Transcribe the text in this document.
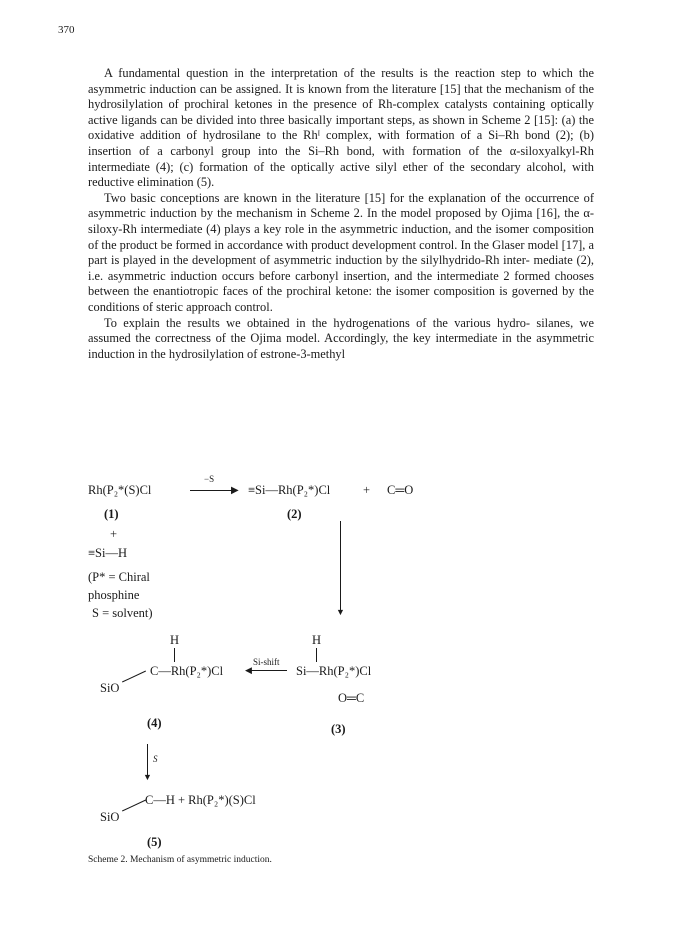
370

A fundamental question in the interpretation of the results is the reaction step to which the asymmetric induction can be assigned. It is known from the literature [15] that the mechanism of the hydrosilylation of prochiral ketones in the presence of Rh-complex catalysts containing optically active ligands can be divided into three basically important steps, as shown in Scheme 2 [15]: (a) the oxidative addition of hydrosilane to the Rhᴵ complex, with formation of a Si–Rh bond (2); (b) insertion of a carbonyl group into the Si–Rh bond, with formation of the α-siloxyalkyl-Rh intermediate (4); (c) formation of the optically active silyl ether of the secondary alcohol, with reductive elimination (5).

Two basic conceptions are known in the literature [15] for the explanation of the occurrence of asymmetric induction by the mechanism in Scheme 2. In the model proposed by Ojima [16], the α-siloxy-Rh intermediate (4) plays a key role in the asymmetric induction, and the isomer composition of the product be formed in accordance with product development control. In the Glaser model [17], a part is played in the development of asymmetric induction by the silylhydrido-Rh inter- mediate (2), i.e. asymmetric induction occurs before carbonyl insertion, and the intermediate 2 formed chooses between the enantiotropic faces of the prochiral ketone: the isomer composition is governed by the conditions of steric approach control.

To explain the results we obtained in the hydrogenations of the various hydro- silanes, we assumed the correctness of the Ojima model. Accordingly, the key intermediate in the asymmetric induction in the hydrosilylation of estrone-3-methyl

Rh(P₂*(S)Cl
−S
▶ ≡Si—Rh(P₂*)Cl	+ C═O
(1)	(2)
+
≡Si—H
(P* = Chiral
phosphine
S = solvent)	▼
H
C—Rh(P₂*)Cl
SiO
Si-shift
◀
H
Si—Rh(P₂*)Cl
O═C
(4)	(3)
▼
S
C—H + Rh(P₂*)(S)Cl
SiO
(5)
Scheme 2. Mechanism of asymmetric induction.
